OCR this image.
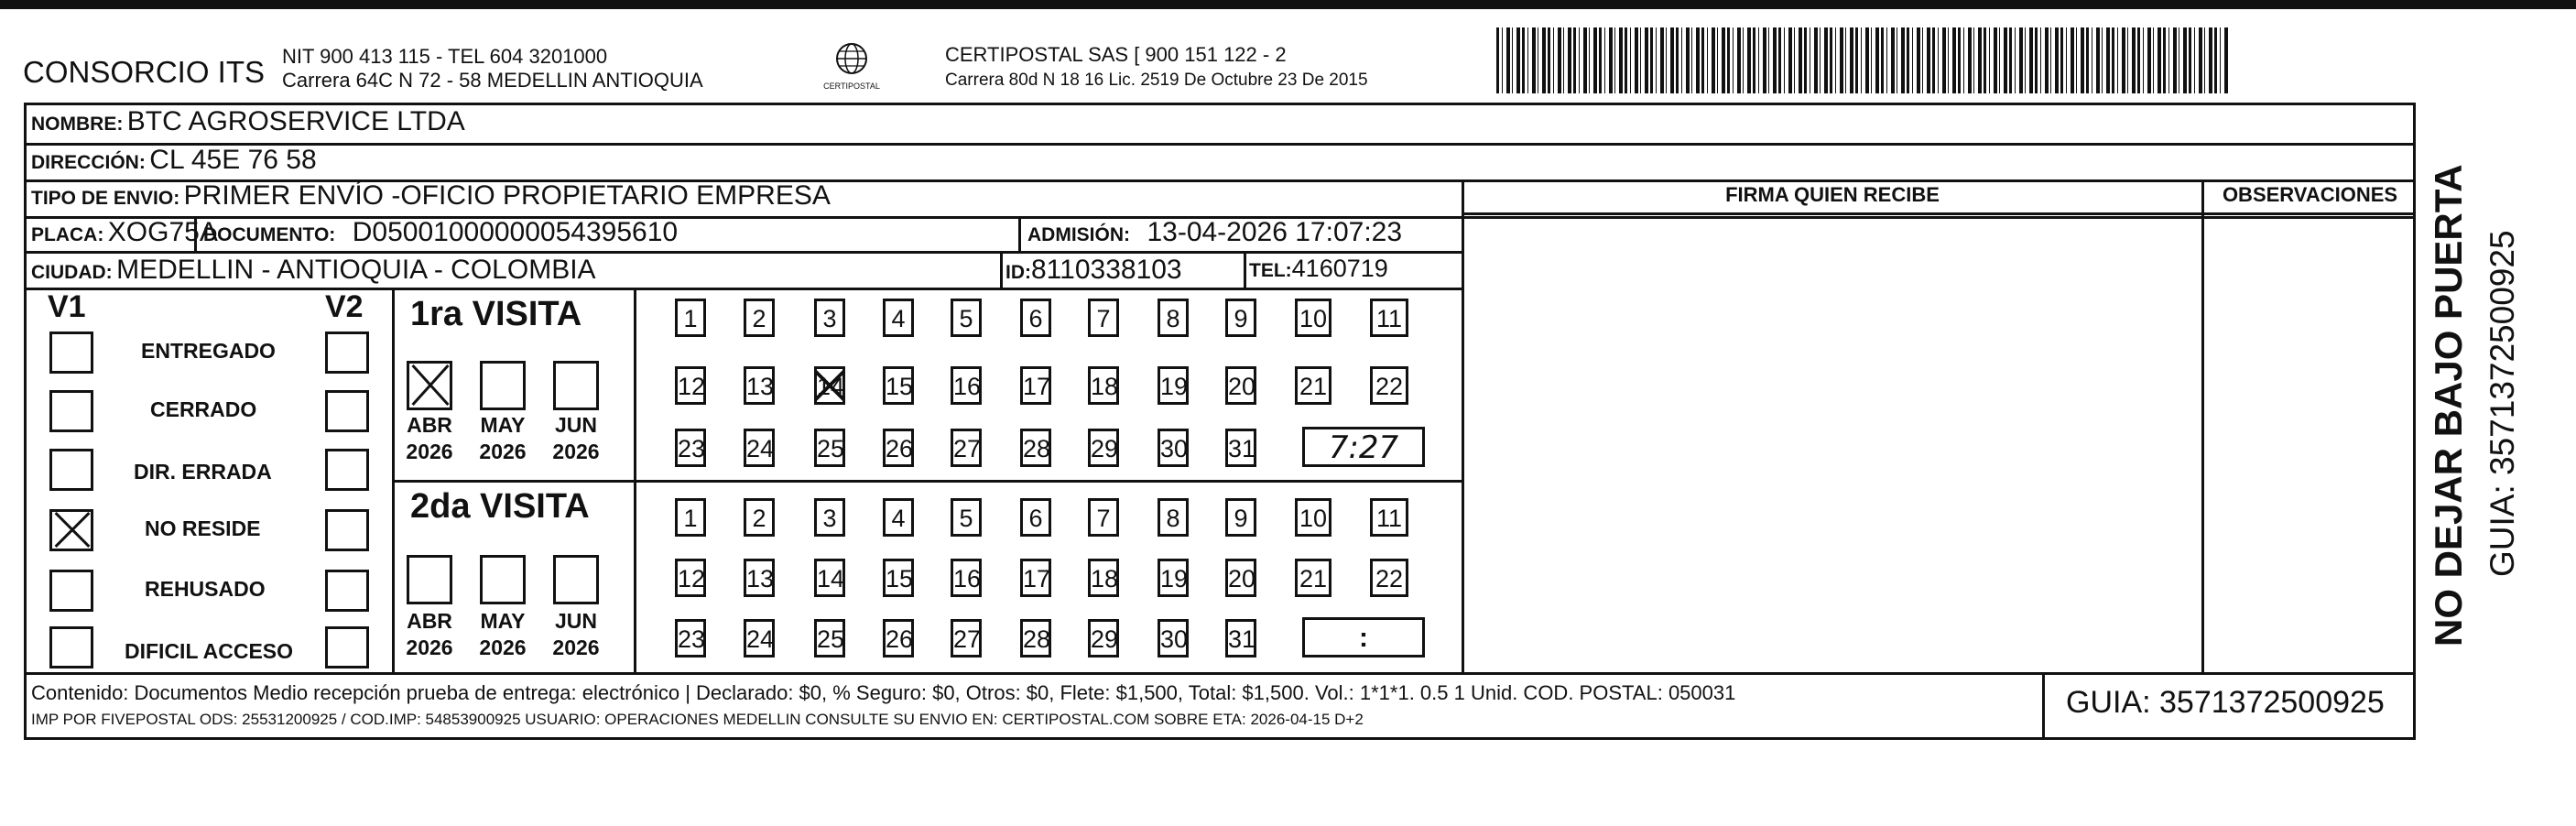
CONSORCIO ITS NIT 900 413 115 - TEL 604 3201000
Carrera 64C N 72 - 58 MEDELLIN ANTIOQUIA	CERTIPOSTAL
CERTIPOSTAL SAS [ 900 151 122 - 2
Carrera 80d N 18 16 Lic. 2519 De Octubre 23 De 2015
NOMBRE: BTC AGROSERVICE LTDA
DIRECCIÓN: CL 45E 76 58
TIPO DE ENVIO: PRIMER ENVÍO -OFICIO PROPIETARIO EMPRESA	FIRMA QUIEN RECIBE	OBSERVACIONES
PLACA: XOG75A
DOCUMENTO: D05001000000054395610	ADMISIÓN: 13-04-2026 17:07:23
CIUDAD: MEDELLIN - ANTIOQUIA - COLOMBIA	ID:8110338103	TEL:4160719
V1	V2
ENTREGADO
CERRADO
DIR. ERRADA
NO RESIDE
REHUSADO
DIFICIL ACCESO
1ra VISITA
ABR
2026
MAY
2026
JUN
2026
2da VISITA
ABR
2026
MAY
2026
JUN
2026
1	2	3	4	5	6	7	8	9	10 11
12 13 14 15 16 17 18 19 20 21 22
23 24 25 26 27 28 29 30 31
1	2	3	4	5	6	7	8	9	10 11
12 13 14 15 16 17 18 19 20 21 22
23 24 25 26 27 28 29 30 31
7:27
:
Contenido: Documentos Medio recepción prueba de entrega: electrónico | Declarado: $0, % Seguro: $0, Otros: $0, Flete: $1,500, Total: $1,500. Vol.: 1*1*1. 0.5 1 Unid. COD. POSTAL: 050031
IMP POR FIVEPOSTAL ODS: 25531200925 / COD.IMP: 54853900925 USUARIO: OPERACIONES MEDELLIN CONSULTE SU ENVIO EN: CERTIPOSTAL.COM SOBRE ETA: 2026-04-15 D+2	GUIA: 3571372500925
NO DEJAR BAJO PUERTA GUIA: 3571372500925
